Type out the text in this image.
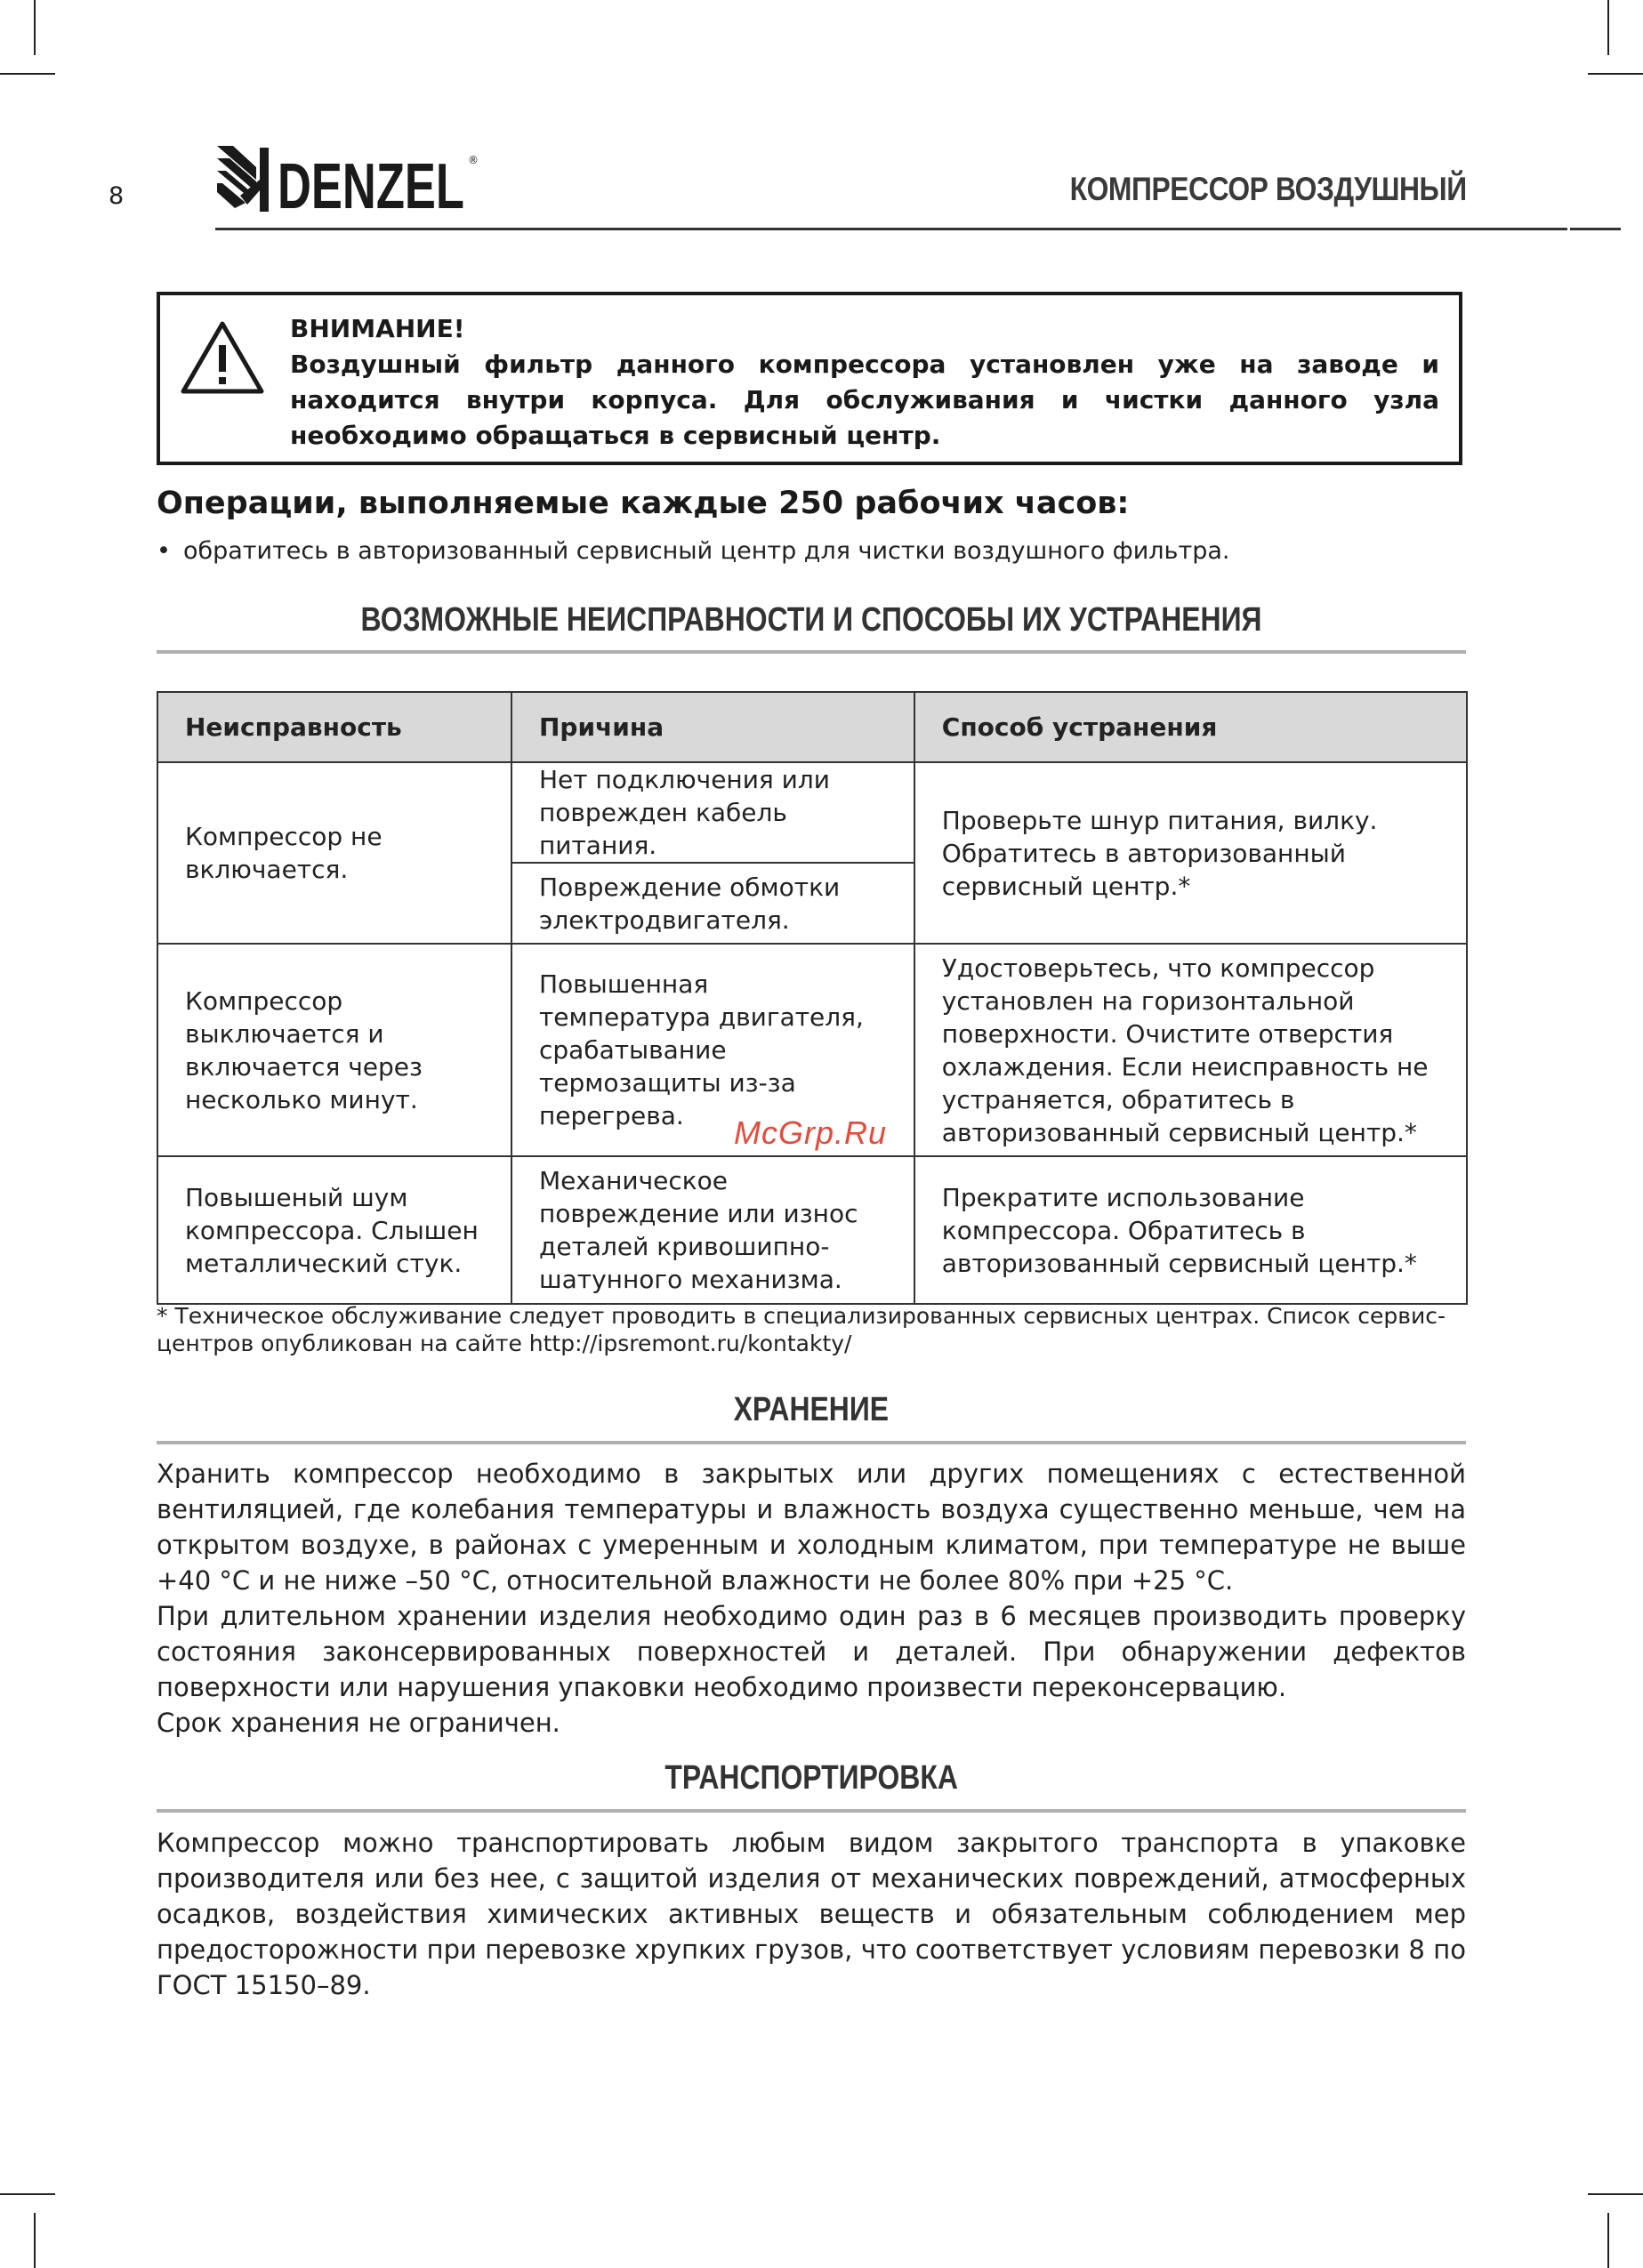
8 DENZEL ®
КОМПРЕССОР ВОЗДУШНЫЙ
ВНИМАНИЕ!
Воздушный фильтр данного компрессора установлен уже на заводе и находится внутри корпуса. Для обслуживания и чистки данного узла необходимо обращаться в сервисный центр.
Операции, выполняемые каждые 250 рабочих часов:
• обратитесь в авторизованный сервисный центр для чистки воздушного фильтра.
ВОЗМОЖНЫЕ НЕИСПРАВНОСТИ И СПОСОБЫ ИХ УСТРАНЕНИЯ
Неисправность	Причина	Способ устранения
Компрессор не включается.	Нет подключения или поврежден кабель питания.	Проверьте шнур питания, вилку. Обратитесь в авторизованный сервисный центр.*
	Повреждение обмотки электродвигателя.	
Компрессор выключается и включается через несколько минут.	Повышенная температура двигателя, срабатывание термозащиты из-за перегрева.	Удостоверьтесь, что компрессор установлен на горизонтальной поверхности. Очистите отверстия охлаждения. Если неисправность не устраняется, обратитесь в авторизованный сервисный центр.*
Повышеный шум компрессора. Слышен металлический стук.	Механическое повреждение или износ деталей кривошипно-шатунного механизма.	Прекратите использование компрессора. Обратитесь в авторизованный сервисный центр.*
McGrp.Ru
* Техническое обслуживание следует проводить в специализированных сервисных центрах. Список сервис-центров опубликован на сайте http://ipsremont.ru/kontakty/
ХРАНЕНИЕ

Хранить компрессор необходимо в закрытых или других помещениях с естественной вентиляцией, где колебания температуры и влажность воздуха существенно меньше, чем на открытом воздухе, в районах с умеренным и холодным климатом, при температуре не выше +40 °С и не ниже –50 °С, относительной влажности не более 80% при +25 °С.

При длительном хранении изделия необходимо один раз в 6 месяцев производить проверку состояния законсервированных поверхностей и деталей. При обнаружении дефектов поверхности или нарушения упаковки необходимо произвести переконсервацию.

Срок хранения не ограничен.

ТРАНСПОРТИРОВКА

Компрессор можно транспортировать любым видом закрытого транспорта в упаковке производителя или без нее, с защитой изделия от механических повреждений, атмосферных осадков, воздействия химических активных веществ и обязательным соблюдением мер предосторожности при перевозке хрупких грузов, что соответствует условиям перевозки 8 по ГОСТ 15150–89.
